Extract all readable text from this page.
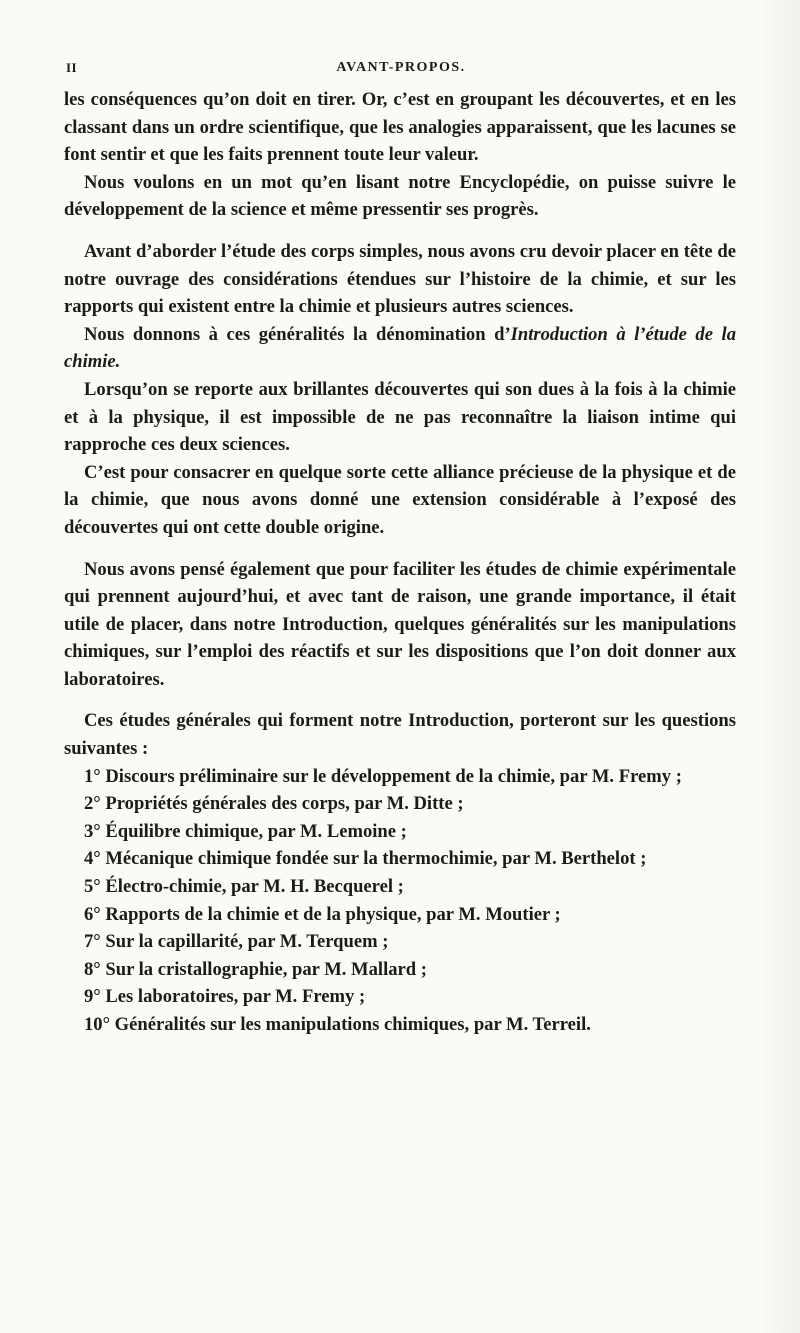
II	AVANT-PROPOS.

les conséquences qu’on doit en tirer. Or, c’est en groupant les découvertes, et en les classant dans un ordre scientifique, que les analogies apparaissent, que les lacunes se font sentir et que les faits prennent toute leur valeur.

Nous voulons en un mot qu’en lisant notre Encyclopédie, on puisse suivre le développement de la science et même pressentir ses progrès.

Avant d’aborder l’étude des corps simples, nous avons cru devoir placer en tête de notre ouvrage des considérations étendues sur l’histoire de la chimie, et sur les rapports qui existent entre la chimie et plusieurs autres sciences.

Nous donnons à ces généralités la dénomination d’Introduction à l’étude de la chimie.

Lorsqu’on se reporte aux brillantes découvertes qui son dues à la fois à la chimie et à la physique, il est impossible de ne pas reconnaître la liaison intime qui rapproche ces deux sciences.

C’est pour consacrer en quelque sorte cette alliance précieuse de la physique et de la chimie, que nous avons donné une extension considérable à l’exposé des découvertes qui ont cette double origine.

Nous avons pensé également que pour faciliter les études de chimie expérimentale qui prennent aujourd’hui, et avec tant de raison, une grande importance, il était utile de placer, dans notre Introduction, quelques généralités sur les manipulations chimiques, sur l’emploi des réactifs et sur les dispositions que l’on doit donner aux laboratoires.

Ces études générales qui forment notre Introduction, porteront sur les questions suivantes :

1° Discours préliminaire sur le développement de la chimie, par M. Fremy ;
2° Propriétés générales des corps, par M. Ditte ;
3° Équilibre chimique, par M. Lemoine ;
4° Mécanique chimique fondée sur la thermochimie, par M. Berthelot ;
5° Électro-chimie, par M. H. Becquerel ;
6° Rapports de la chimie et de la physique, par M. Moutier ;
7° Sur la capillarité, par M. Terquem ;
8° Sur la cristallographie, par M. Mallard ;
9° Les laboratoires, par M. Fremy ;
10° Généralités sur les manipulations chimiques, par M. Terreil.
